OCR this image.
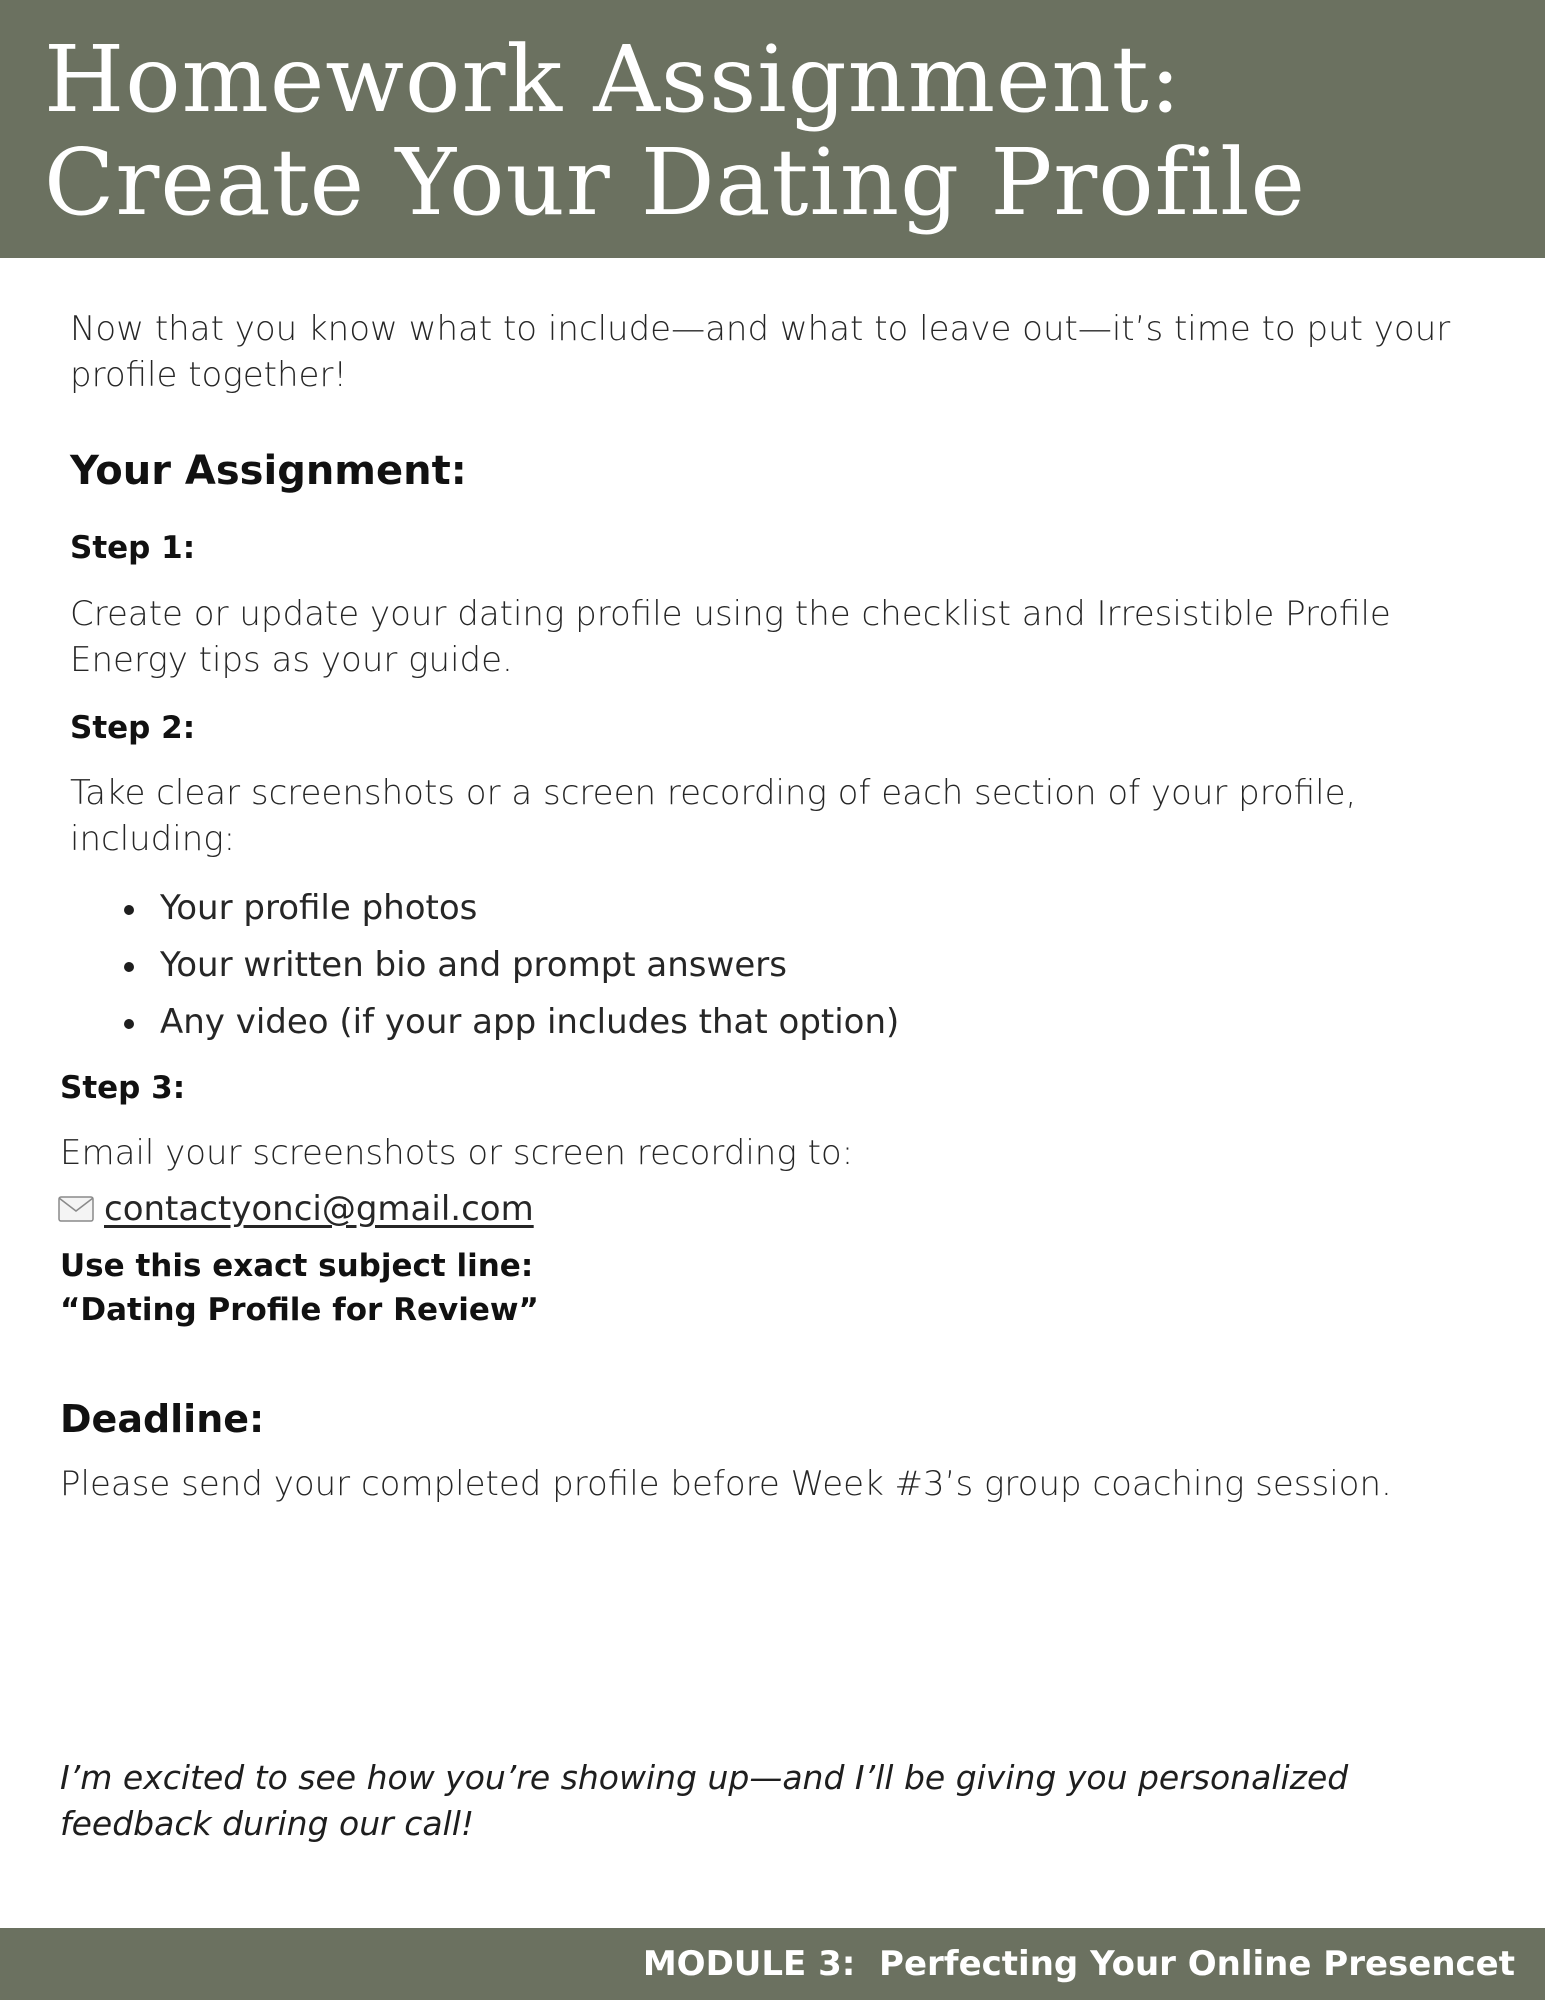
Homework Assignment:
Create Your Dating Profile

Now that you know what to include—and what to leave out—it’s time to put your profile together!

Your Assignment:
Step 1:

Create or update your dating profile using the checklist and Irresistible Profile Energy tips as your guide.

Step 2:

Take clear screenshots or a screen recording of each section of your profile, including:

Your profile photos
Your written bio and prompt answers
Any video (if your app includes that option)
Step 3:

Email your screenshots or screen recording to:

contactyonci@gmail.com
Use this exact subject line:
“Dating Profile for Review”
Deadline:

Please send your completed profile before Week #3’s group coaching session.

I’m excited to see how you’re showing up—and I’ll be giving you personalized feedback during our call!

MODULE 3:  Perfecting Your Online Presencet
